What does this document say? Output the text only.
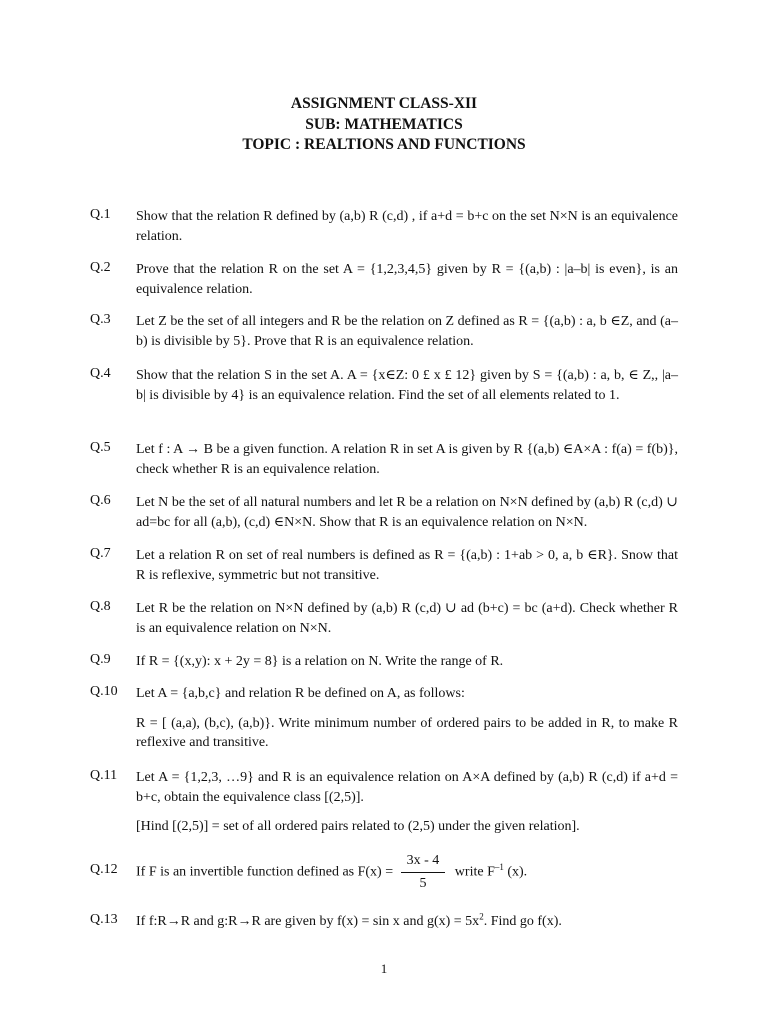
ASSIGNMENT CLASS-XII
SUB: MATHEMATICS
TOPIC : REALTIONS AND FUNCTIONS
Q.1 Show that the relation R defined by (a,b) R (c,d) , if a+d = b+c on the set N×N is an equivalence relation.

Q.2 Prove that the relation R on the set A = {1,2,3,4,5} given by R = {(a,b) : |a–b| is even}, is an equivalence relation.

Q.3 Let Z be the set of all integers and R be the relation on Z defined as R = {(a,b) : a, b ∈Z, and (a–b) is divisible by 5}. Prove that R is an equivalence relation.

Q.4 Show that the relation S in the set A. A = {x∈Z: 0 £ x £ 12} given by S = {(a,b) : a, b, ∈ Z,, |a–b| is divisible by 4} is an equivalence relation. Find the set of all elements related to 1.

Q.5 Let f : A → B be a given function. A relation R in set A is given by R {(a,b) ∈A×A : f(a) = f(b)}, check whether R is an equivalence relation.

Q.6 Let N be the set of all natural numbers and let R be a relation on N×N defined by (a,b) R (c,d) ∪ ad=bc for all (a,b), (c,d) ∈N×N. Show that R is an equivalence relation on N×N.

Q.7 Let a relation R on set of real numbers is defined as R = {(a,b) : 1+ab > 0, a, b ∈R}. Snow that R is reflexive, symmetric but not transitive.

Q.8 Let R be the relation on N×N defined by (a,b) R (c,d) ∪ ad (b+c) = bc (a+d). Check whether R is an equivalence relation on N×N.

Q.9 If R = {(x,y): x + 2y = 8} is a relation on N. Write the range of R.

Q.10 Let A = {a,b,c} and relation R be defined on A, as follows:

R = [ (a,a), (b,c), (a,b)}. Write minimum number of ordered pairs to be added in R, to make R reflexive and transitive.

Q.11 Let A = {1,2,3, …9} and R is an equivalence relation on A×A defined by (a,b) R (c,d) if a+d = b+c, obtain the equivalence class [(2,5)].

[Hind [(2,5)] = set of all ordered pairs related to (2,5) under the given relation].

Q.12 If F is an invertible function defined as $F(x) = \frac{3x - 4}{5}$ write $F^{-1}$ (x).
Q.13 If f:R→R and g:R→R are given by f(x) = sin x and $g(x) = 5x^2$. Find go f(x).
1
